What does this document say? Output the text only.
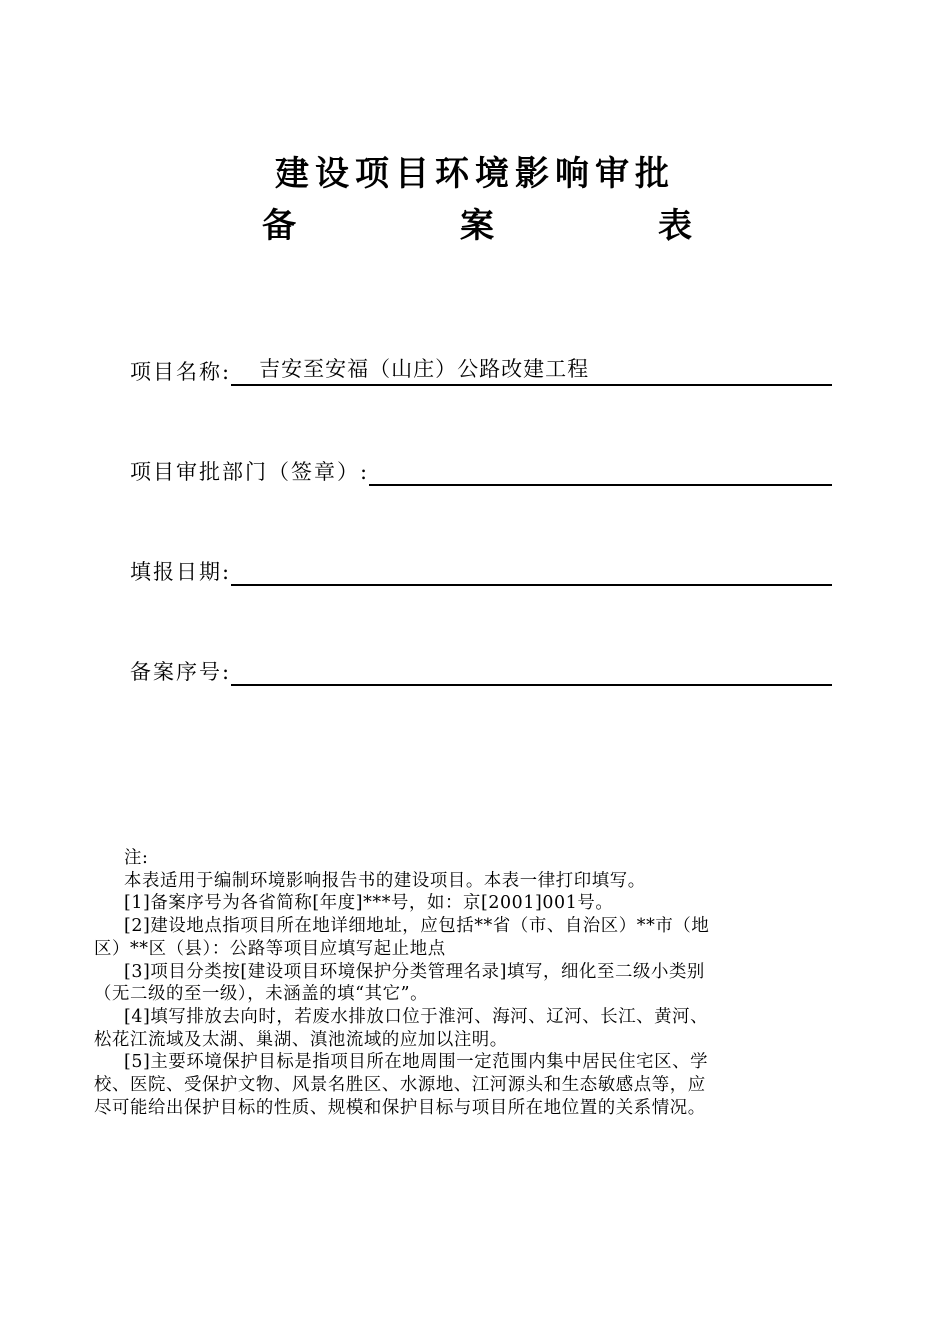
建设项目环境影响审批
备	案	表
项目名称:	吉安至安福（山庄）公路改建工程
项目审批部门（签章）:
填报日期:
备案序号:
注:
本表适用于编制环境影响报告书的建设项目。本表一律打印填写。
[1]备案序号为各省简称[年度]***号，如：京[2001]001号。
[2]建设地点指项目所在地详细地址，应包括**省（市、自治区）**市（地
区）**区（县）：公路等项目应填写起止地点
[3]项目分类按[建设项目环境保护分类管理名录]填写，细化至二级小类别
（无二级的至一级），未涵盖的填“其它”。
[4]填写排放去向时，若废水排放口位于淮河、海河、辽河、长江、黄河、
松花江流域及太湖、巢湖、滇池流域的应加以注明。
[5]主要环境保护目标是指项目所在地周围一定范围内集中居民住宅区、学
校、医院、受保护文物、风景名胜区、水源地、江河源头和生态敏感点等，应
尽可能给出保护目标的性质、规模和保护目标与项目所在地位置的关系情况。
